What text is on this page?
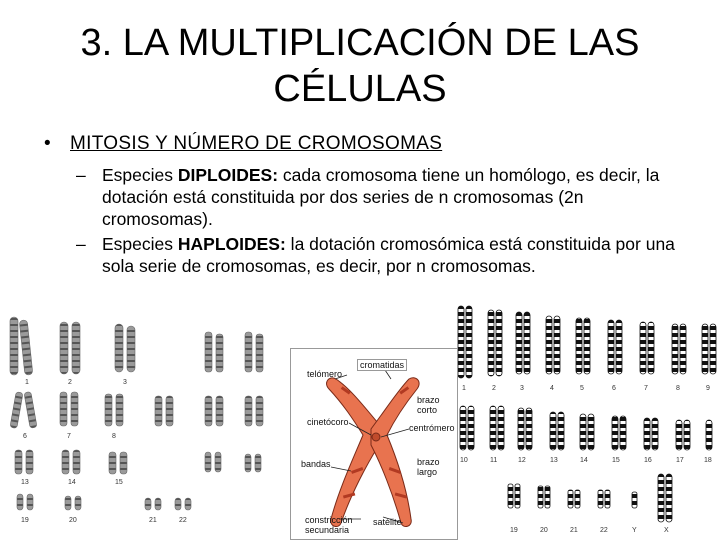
3. LA MULTIPLICACIÓN DE LAS
CÉLULAS
• MITOSIS Y NÚMERO DE CROMOSOMAS
– Especies DIPLOIDES: cada cromosoma tiene un homólogo, es decir, la dotación está constituida por dos series de n cromosomas (2n cromosomas).
– Especies HAPLOIDES: la dotación cromosómica está constituida por una sola serie de cromosomas, es decir, por n cromosomas.
1	2	3
6	7	8
13	14	15
19	20	21	22
1	2	3	4	5	6	7	8	9
10	11	12	13	14	15	16	17	18
19	20	21	22	Y	X
telómero
cromatidas
brazo corto
cinetócoro
centrómero
bandas	brazo largo
constricción secundaria
satélite
